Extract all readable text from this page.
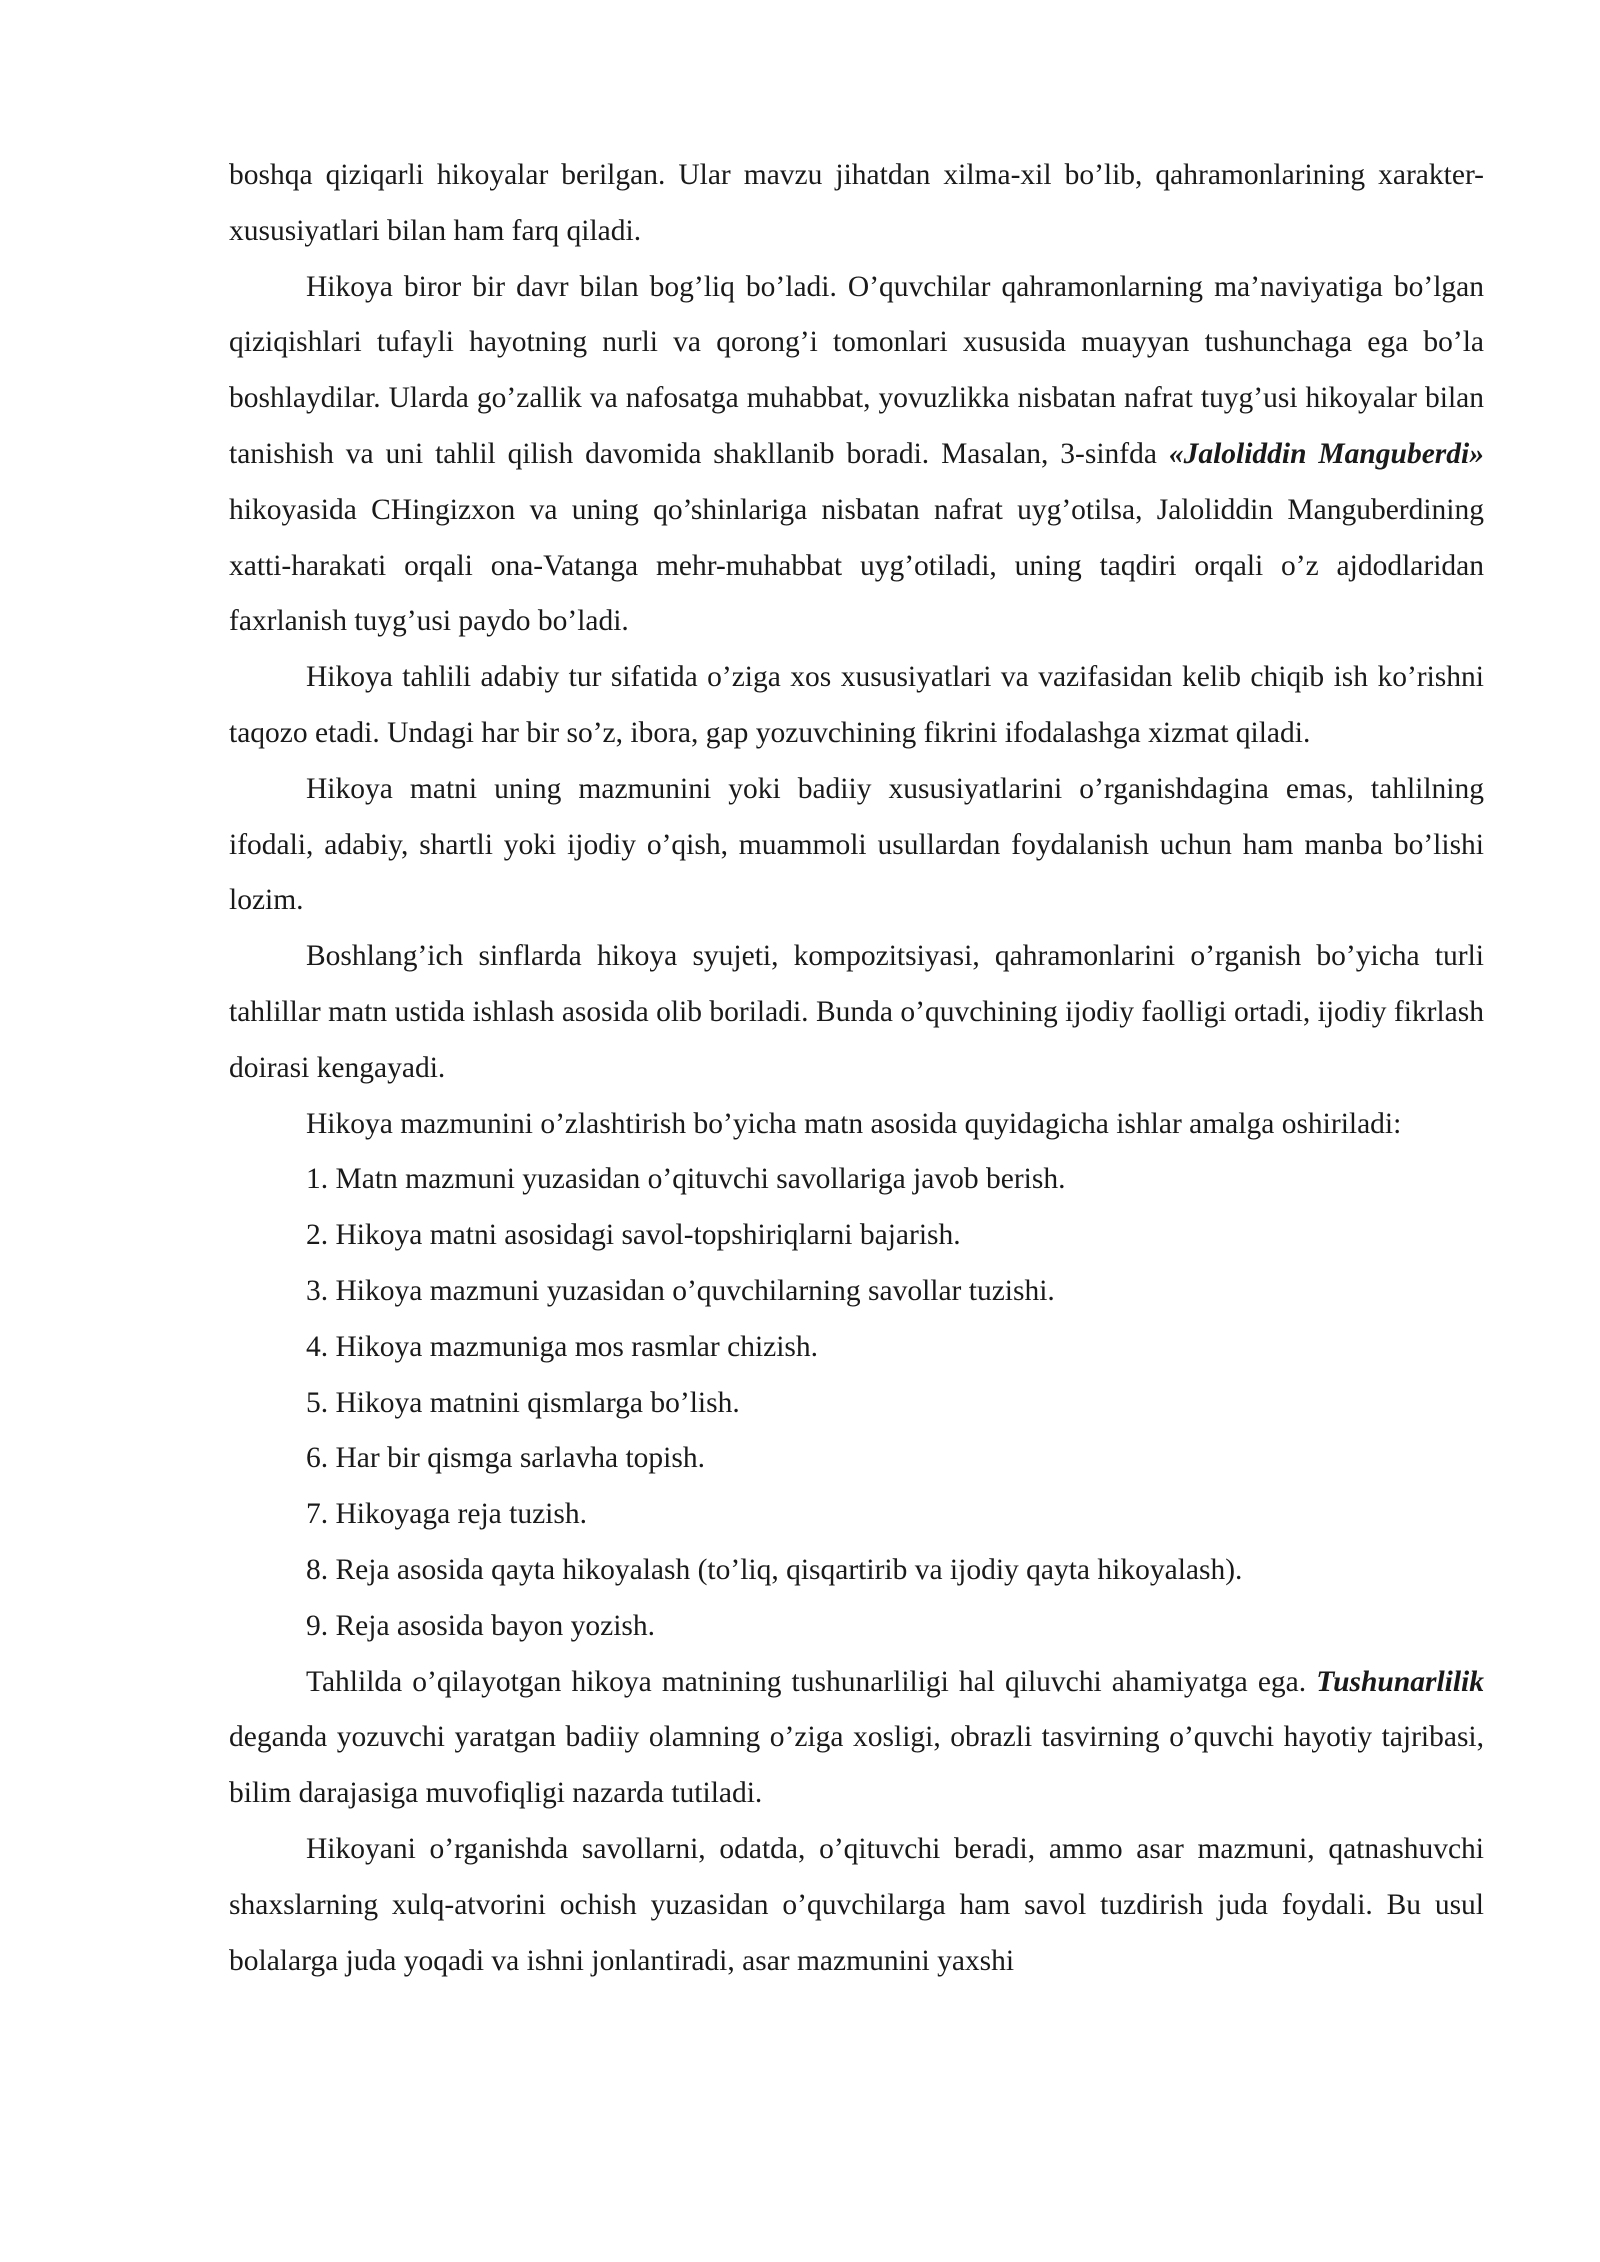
boshqa qiziqarli hikoyalar berilgan. Ular mavzu jihatdan xilma-xil bo’lib, qahramonlarining xarakter-xususiyatlari bilan ham farq qiladi.

Hikoya biror bir davr bilan bog’liq bo’ladi. O’quvchilar qahramonlarning ma’naviyatiga bo’lgan qiziqishlari tufayli hayotning nurli va qorong’i tomonlari xususida muayyan tushunchaga ega bo’la boshlaydilar. Ularda go’zallik va nafosatga muhabbat, yovuzlikka nisbatan nafrat tuyg’usi hikoyalar bilan tanishish va uni tahlil qilish davomida shakllanib boradi. Masalan, 3-sinfda «Jaloliddin Manguberdi» hikoyasida CHingizxon va uning qo’shinlariga nisbatan nafrat uyg’otilsa, Jaloliddin Manguberdining xatti-harakati orqali ona-Vatanga mehr-muhabbat uyg’otiladi, uning taqdiri orqali o’z ajdodlaridan faxrlanish tuyg’usi paydo bo’ladi.

Hikoya tahlili adabiy tur sifatida o’ziga xos xususiyatlari va vazifasidan kelib chiqib ish ko’rishni taqozo etadi. Undagi har bir so’z, ibora, gap yozuvchining fikrini ifodalashga xizmat qiladi.

Hikoya matni uning mazmunini yoki badiiy xususiyatlarini o’rganishdagina emas, tahlilning ifodali, adabiy, shartli yoki ijodiy o’qish, muammoli usullardan foydalanish uchun ham manba bo’lishi lozim.

Boshlang’ich sinflarda hikoya syujeti, kompozitsiyasi, qahramonlarini o’rganish bo’yicha turli tahlillar matn ustida ishlash asosida olib boriladi. Bunda o’quvchining ijodiy faolligi ortadi, ijodiy fikrlash doirasi kengayadi.

Hikoya mazmunini o’zlashtirish bo’yicha matn asosida quyidagicha ishlar amalga oshiriladi:

1. Matn mazmuni yuzasidan o’qituvchi savollariga javob berish.
2. Hikoya matni asosidagi savol-topshiriqlarni bajarish.
3. Hikoya mazmuni yuzasidan o’quvchilarning savollar tuzishi.
4. Hikoya mazmuniga mos rasmlar chizish.
5. Hikoya matnini qismlarga bo’lish.
6. Har bir qismga sarlavha topish.
7. Hikoyaga reja tuzish.
8. Reja asosida qayta hikoyalash (to’liq, qisqartirib va ijodiy qayta hikoyalash).
9. Reja asosida bayon yozish.

Tahlilda o’qilayotgan hikoya matnining tushunarliligi hal qiluvchi ahamiyatga ega. Tushunarlilik deganda yozuvchi yaratgan badiiy olamning o’ziga xosligi, obrazli tasvirning o’quvchi hayotiy tajribasi, bilim darajasiga muvofiqligi nazarda tutiladi.

Hikoyani o’rganishda savollarni, odatda, o’qituvchi beradi, ammo asar mazmuni, qatnashuvchi shaxslarning xulq-atvorini ochish yuzasidan o’quvchilarga ham savol tuzdirish juda foydali. Bu usul bolalarga juda yoqadi va ishni jonlantiradi, asar mazmunini yaxshi
